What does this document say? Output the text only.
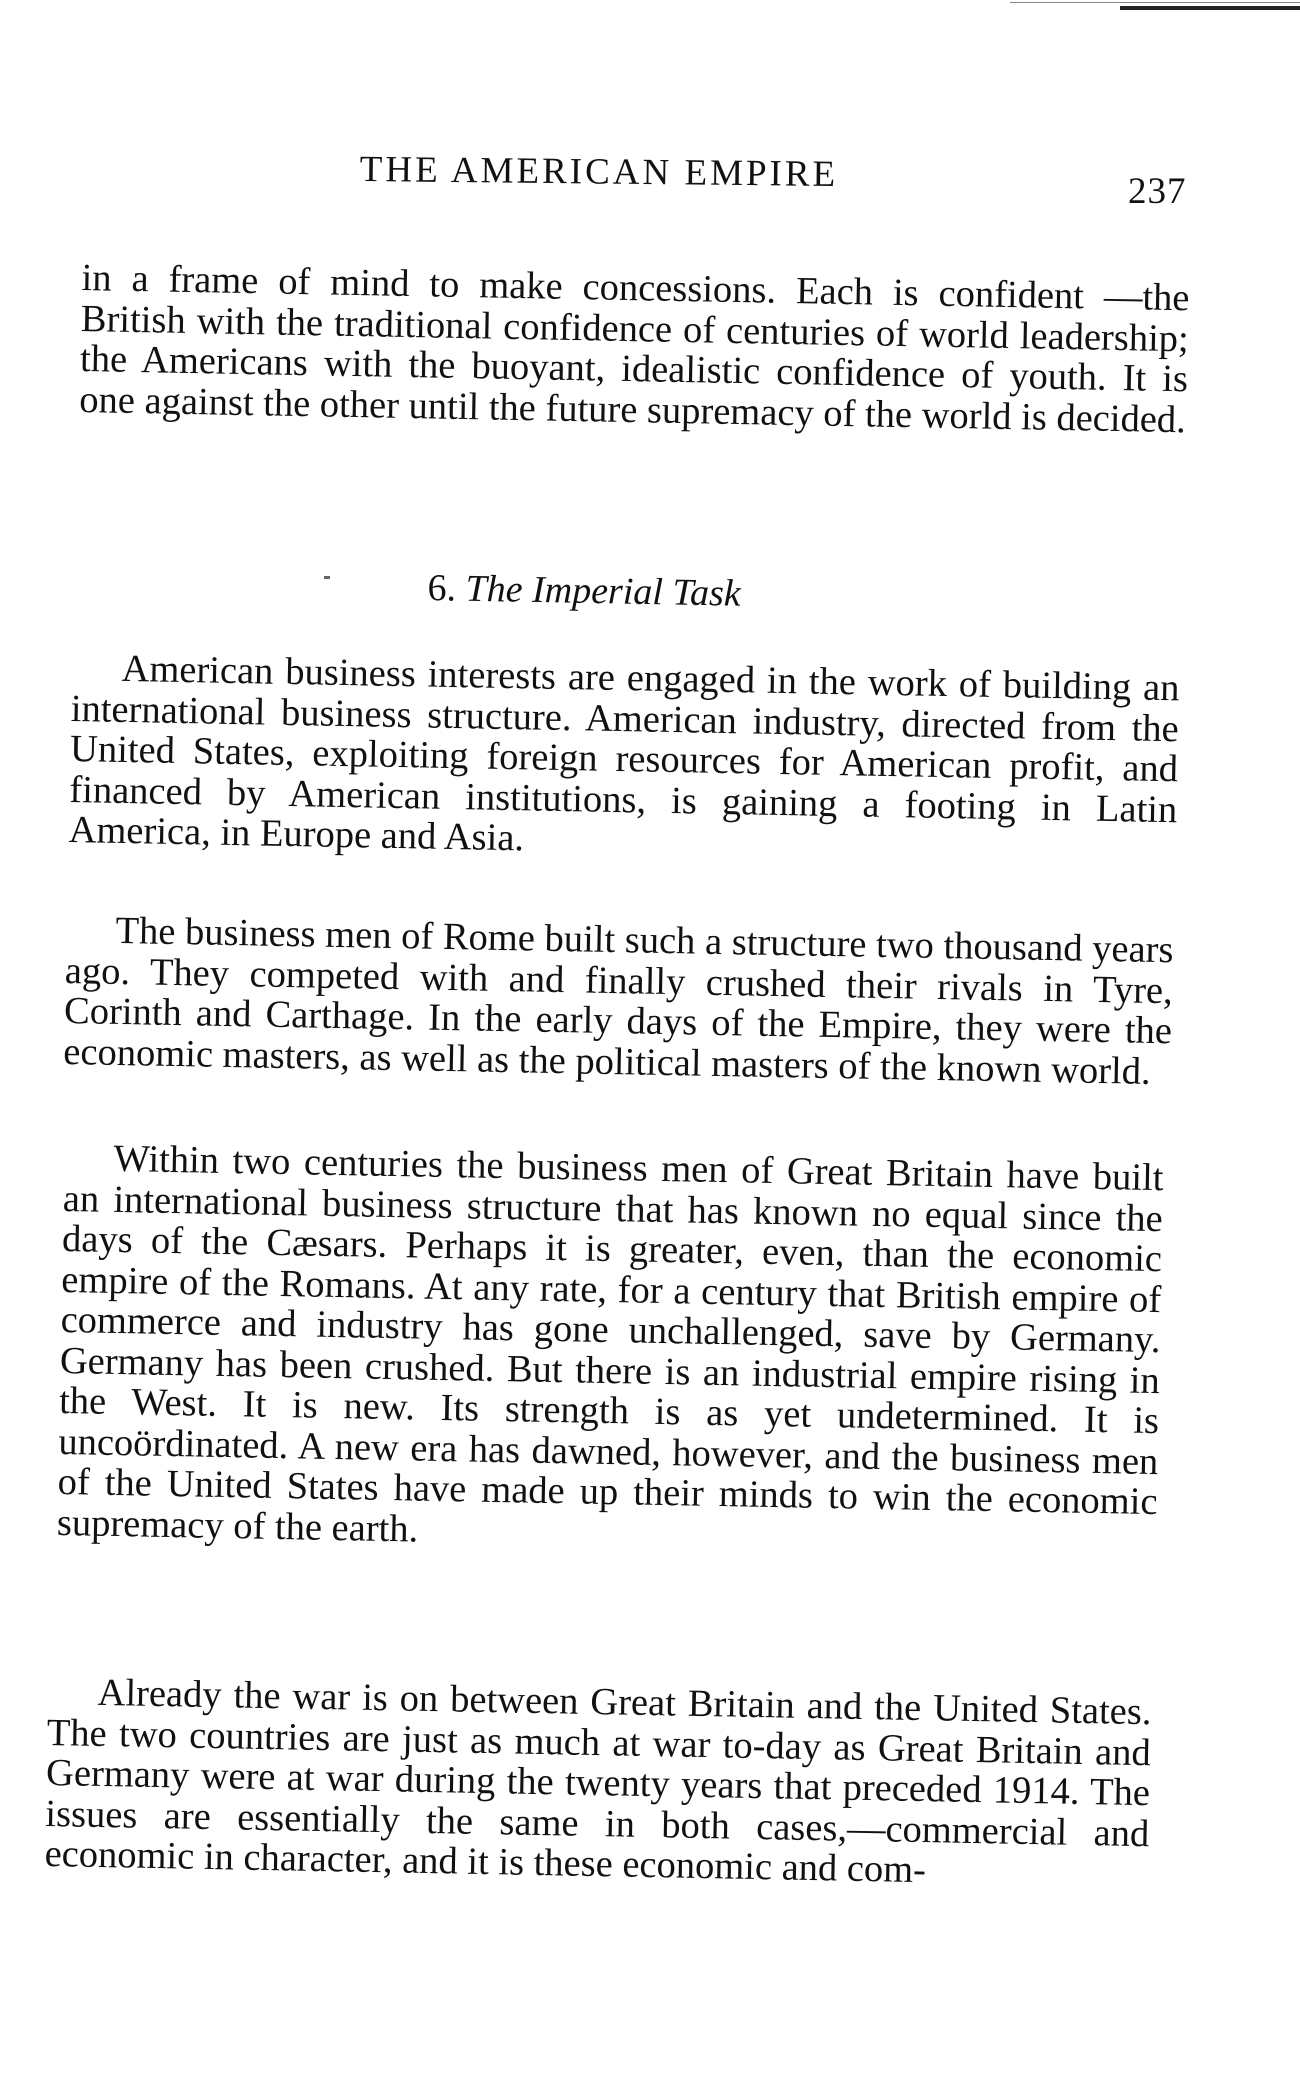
THE AMERICAN EMPIRE	237
in a frame of mind to make concessions. Each is confident —the British with the traditional confidence of centuries of world leadership; the Americans with the buoyant, idealistic confidence of youth. It is one against the other until the future supremacy of the world is decided.
6. The Imperial Task
American business interests are engaged in the work of building an international business structure. American industry, directed from the United States, exploiting foreign resources for American profit, and financed by American institutions, is gaining a footing in Latin America, in Europe and Asia.
The business men of Rome built such a structure two thousand years ago. They competed with and finally crushed their rivals in Tyre, Corinth and Carthage. In the early days of the Empire, they were the economic masters, as well as the political masters of the known world.
Within two centuries the business men of Great Britain have built an international business structure that has known no equal since the days of the Cæsars. Perhaps it is greater, even, than the economic empire of the Romans. At any rate, for a century that British empire of commerce and industry has gone unchallenged, save by Germany. Germany has been crushed. But there is an industrial empire rising in the West. It is new. Its strength is as yet undetermined. It is uncoördinated. A new era has dawned, however, and the business men of the United States have made up their minds to win the economic supremacy of the earth.
Already the war is on between Great Britain and the United States. The two countries are just as much at war to-day as Great Britain and Germany were at war during the twenty years that preceded 1914. The issues are essentially the same in both cases,—commercial and economic in character, and it is these economic and com-
